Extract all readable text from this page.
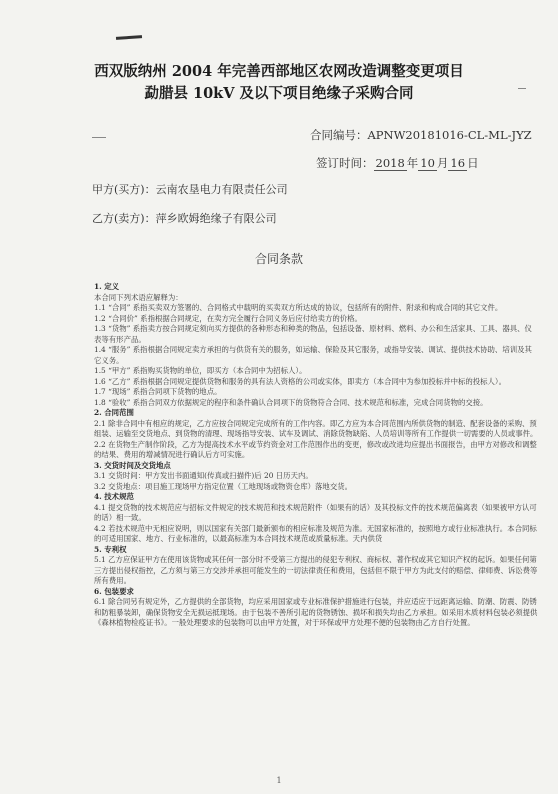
西双版纳州 2004 年完善西部地区农网改造调整变更项目
勐腊县 10kV 及以下项目绝缘子采购合同
合同编号：APNW20181016-CL-ML-JYZ
签订时间： 2018 年 10 月 16 日
甲方(买方)：云南农垦电力有限责任公司
乙方(卖方)：萍乡欧姆绝缘子有限公司
合同条款
1. 定义
本合同下列术语应解释为：
1.1 “合同” 系指买卖双方签署的、合同格式中载明的买卖双方所达成的协议，包括所有的附件、附录和构成合同的其它文件。
1.2 “合同价” 系指根据合同规定，在卖方完全履行合同义务后应付给卖方的价格。
1.3 “货物” 系指卖方按合同规定须向买方提供的各种形态和种类的物品，包括设备、原材料、燃料、办公和生活家具、工具、器具、仪表等有形产品。
1.4 “服务” 系指根据合同规定卖方承担的与供货有关的服务，如运输、保险及其它服务，或指导安装、调试、提供技术协助、培训及其它义务。
1.5 “甲方” 系指购买货物的单位，即买方（本合同中为招标人）。
1.6 “乙方” 系指根据合同规定提供货物和服务的具有法人资格的公司或实体，即卖方（本合同中为参加投标并中标的投标人）。
1.7 “现场” 系指合同项下货物的地点。
1.8 “验收” 系指合同双方依据规定的程序和条件确认合同项下的货物符合合同、技术规范和标准，完成合同货物的交接。
2. 合同范围
2.1 除非合同中有相应的规定，乙方应按合同规定完成所有的工作内容。即乙方应为本合同范围内所供货物的制造、配套设备的采购、预组装、运输至交货地点、到货物的清理、现场指导安装、试车及调试、消除货物缺陷、人员培训等所有工作提供一切需要的人员或事件。
2.2 在货物生产制作阶段，乙方为提高技术水平或节约资金对工作范围作出的变更，修改或改进均应提出书面报告，由甲方对修改和调整的结果、费用的增减情况进行确认后方可实施。
3. 交货时间及交货地点
3.1 交货时间：甲方发出书面通知(传真或扫描件)后 20 日历天内。
3.2 交货地点：项目施工现场甲方指定位置（工地现场或物资仓库）落地交货。
4. 技术规范
4.1 提交货物的技术规范应与招标文件规定的技术规范和技术规范附件（如果有的话）及其投标文件的技术规范偏离表（如果被甲方认可的话）相一致。
4.2 若技术规范中无相应说明，则以国家有关部门最新颁布的相应标准及规范为准。无国家标准的，按照地方或行业标准执行。本合同标的可适用国家、地方、行业标准的，以最高标准为本合同技术规范或质量标准。天内供货
5. 专利权
5.1 乙方应保证甲方在使用该货物或其任何一部分时不受第三方提出的侵犯专利权、商标权、著作权或其它知识产权的起诉。如果任何第三方提出侵权指控，乙方须与第三方交涉并承担可能发生的一切法律责任和费用，包括但不限于甲方为此支付的赔偿、律师费、诉讼费等所有费用。
6. 包装要求
6.1 除合同另有规定外，乙方提供的全部货物，均应采用国家或专业标准保护措施进行包装，并应适应于远距离运输、防潮、防震、防锈和防粗暴装卸，确保货物安全无损运抵现场。由于包装不善所引起的货物锈蚀、损坏和损失均由乙方承担。如采用木质材料包装必须提供《森林植物检疫证书》。一般处理要求的包装物可以由甲方处置，对于环保或甲方处理不便的包装物由乙方自行处置。
1
